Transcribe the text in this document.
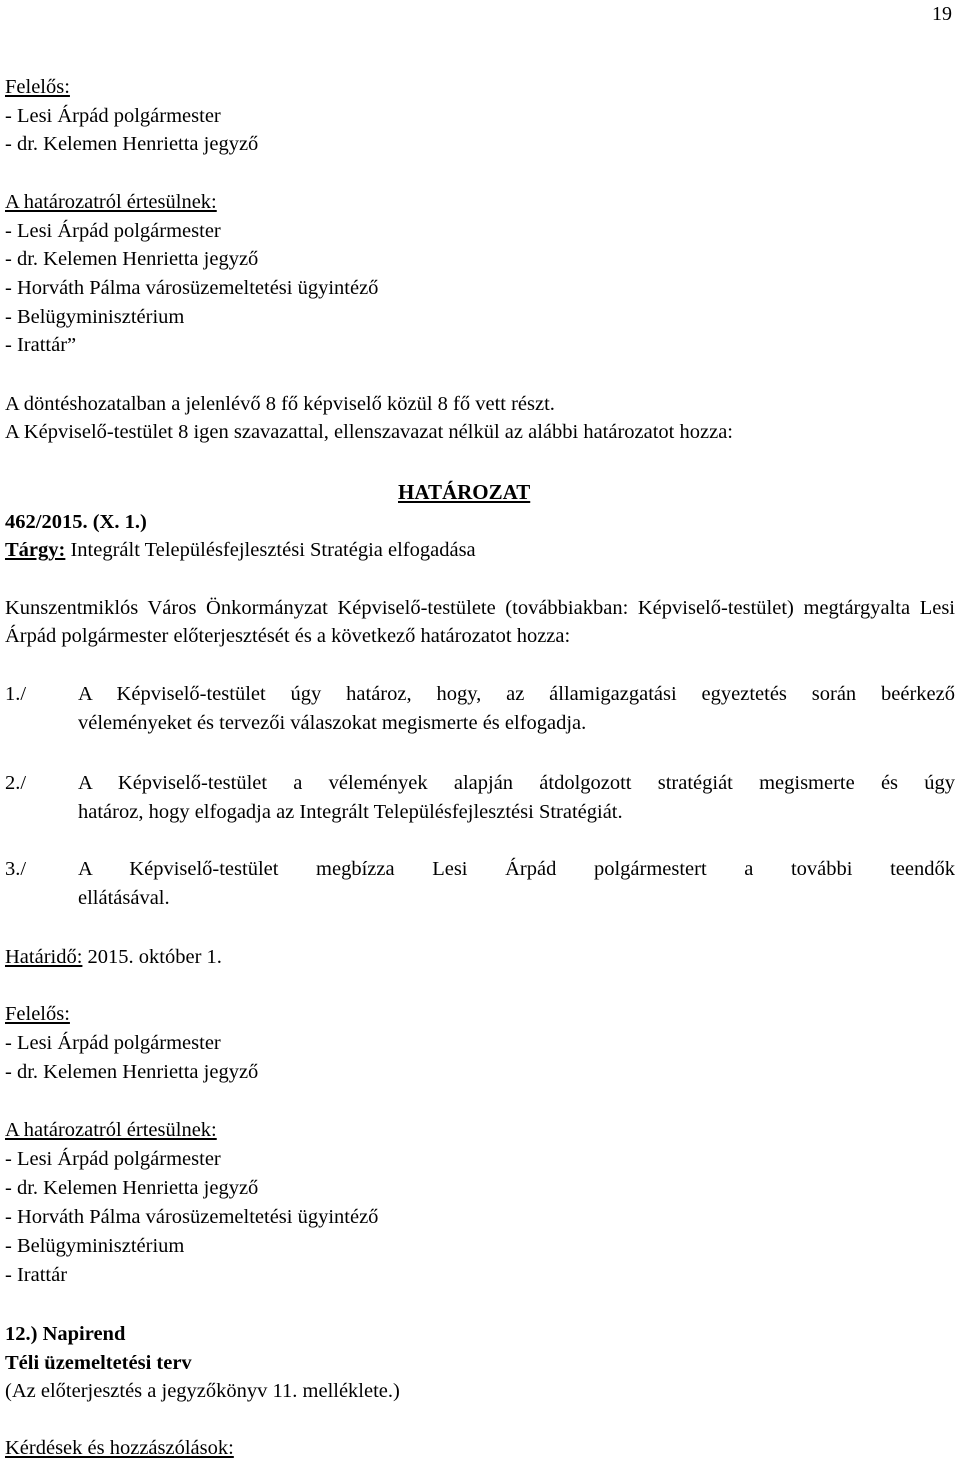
19
Felelős:
- Lesi Árpád polgármester
- dr. Kelemen Henrietta jegyző
A határozatról értesülnek:
- Lesi Árpád polgármester
- dr. Kelemen Henrietta jegyző
- Horváth Pálma városüzemeltetési ügyintéző
- Belügyminisztérium
- Irattár”
A döntéshozatalban a jelenlévő 8 fő képviselő közül 8 fő vett részt.
A Képviselő-testület 8 igen szavazattal, ellenszavazat nélkül az alábbi határozatot hozza:
HATÁROZAT
462/2015. (X. 1.)
Tárgy: Integrált Településfejlesztési Stratégia elfogadása
Kunszentmiklós Város Önkormányzat Képviselő-testülete (továbbiakban: Képviselő-testület) megtárgyalta Lesi Árpád polgármester előterjesztését és a következő határozatot hozza:
1./	A Képviselő-testület úgy határoz, hogy, az államigazgatási egyeztetés során beérkező
véleményeket és tervezői válaszokat megismerte és elfogadja.
2./	A Képviselő-testület a vélemények alapján átdolgozott stratégiát megismerte és úgy
határoz, hogy elfogadja az Integrált Településfejlesztési Stratégiát.
3./	A Képviselő-testület megbízza Lesi Árpád polgármestert a további teendők
ellátásával.
Határidő: 2015. október 1.
Felelős:
- Lesi Árpád polgármester
- dr. Kelemen Henrietta jegyző
A határozatról értesülnek:
- Lesi Árpád polgármester
- dr. Kelemen Henrietta jegyző
- Horváth Pálma városüzemeltetési ügyintéző
- Belügyminisztérium
- Irattár
12.) Napirend
Téli üzemeltetési terv
(Az előterjesztés a jegyzőkönyv 11. melléklete.)
Kérdések és hozzászólások:
